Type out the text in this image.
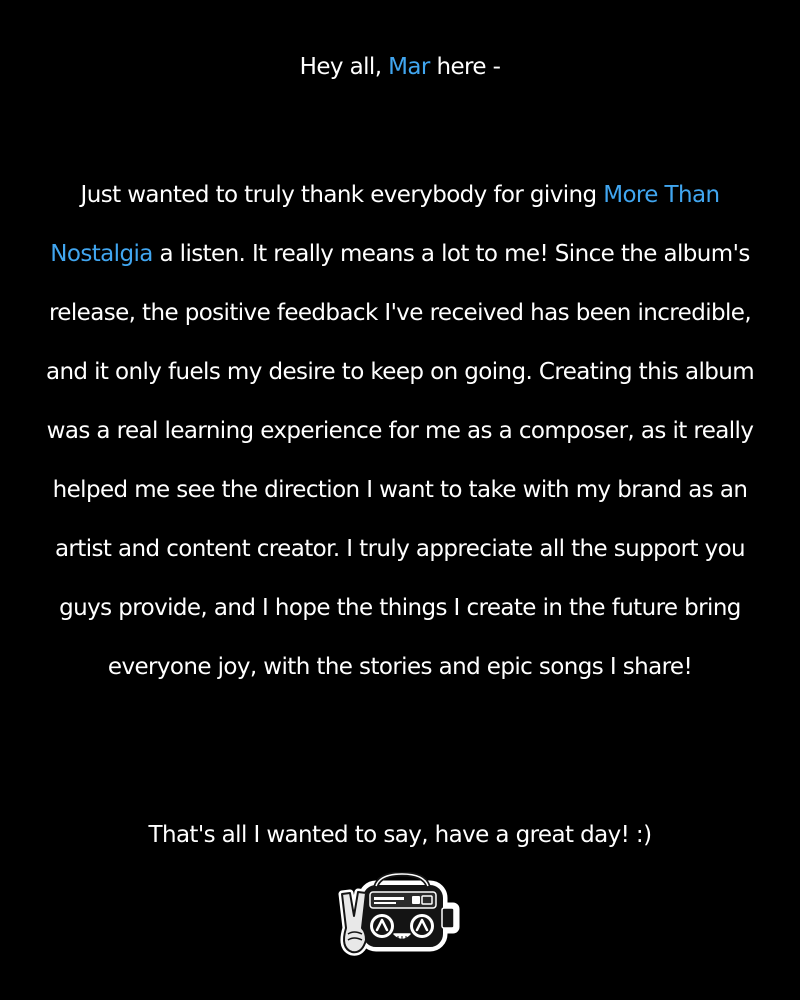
Hey all, Mar here -
Just wanted to truly thank everybody for giving More Than Nostalgia a listen. It really means a lot to me! Since the album's release, the positive feedback I've received has been incredible, and it only fuels my desire to keep on going. Creating this album was a real learning experience for me as a composer, as it really helped me see the direction I want to take with my brand as an artist and content creator. I truly appreciate all the support you guys provide, and I hope the things I create in the future bring everyone joy, with the stories and epic songs I share!
That's all I wanted to say, have a great day! :)
